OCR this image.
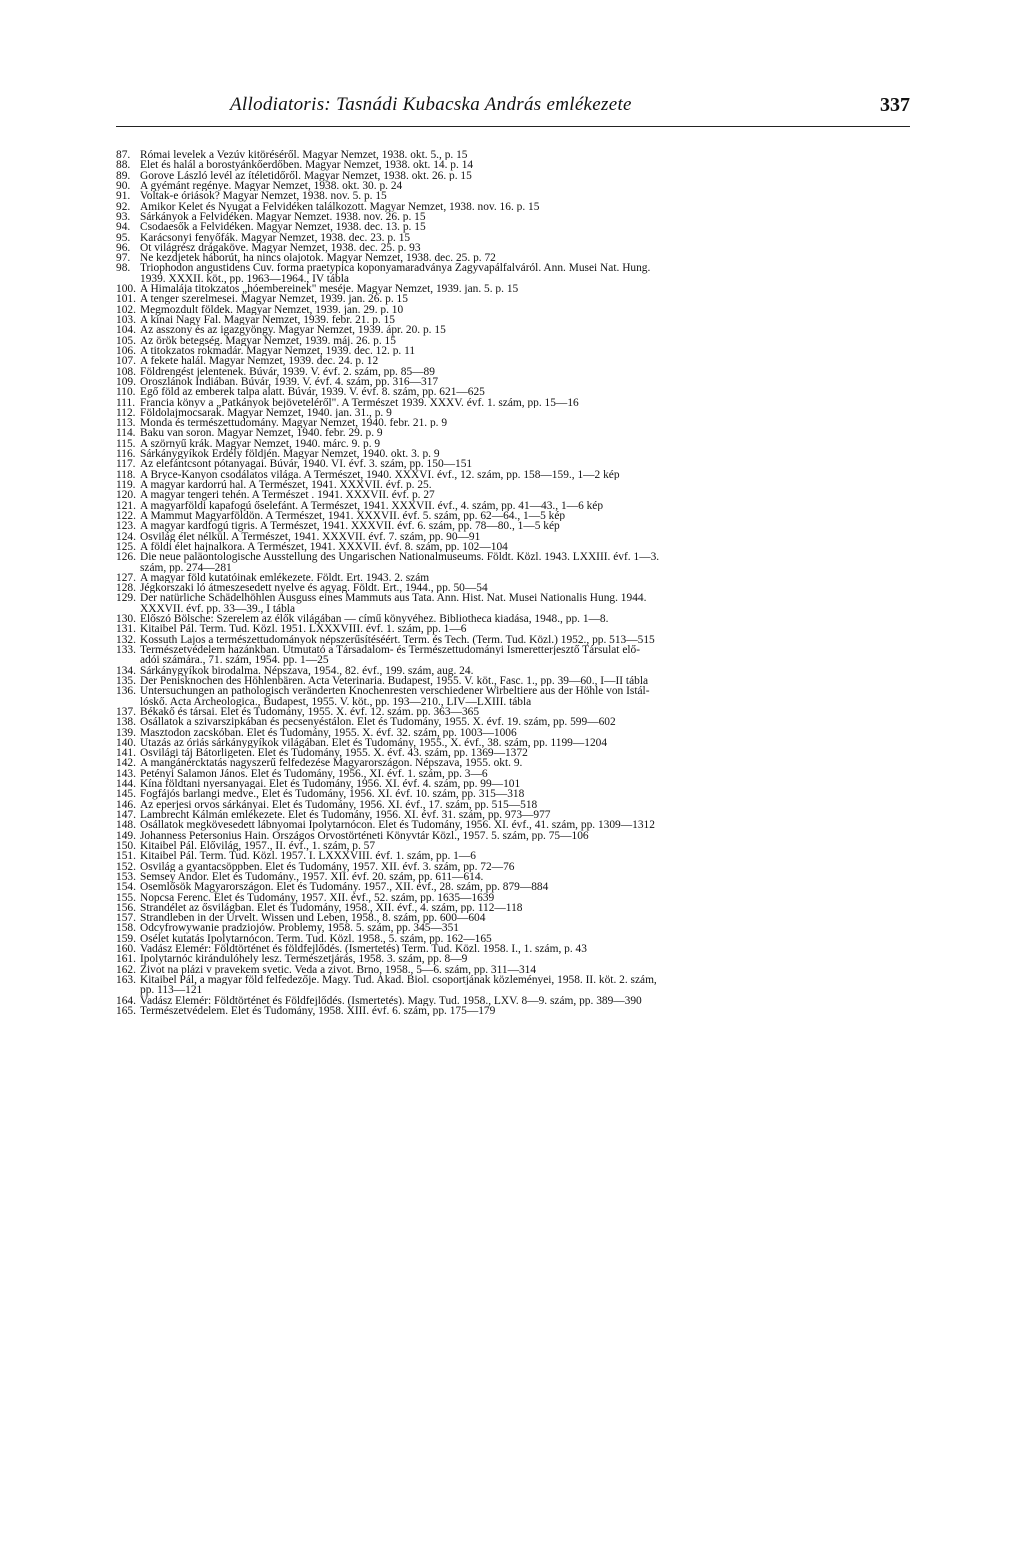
Allodiatoris: Tasnádi Kubacska András emlékezete	337
87. Római levelek a Vezúv kitöréséről. Magyar Nemzet, 1938. okt. 5., p. 15
88. Élet és halál a borostyánkőerdőben. Magyar Nemzet, 1938. okt. 14. p. 14
89. Gorove László levél az ítéletidőről. Magyar Nemzet, 1938. okt. 26. p. 15
90. A gyémánt regénye. Magyar Nemzet, 1938. okt. 30. p. 24
91. Voltak-e óriások? Magyar Nemzet, 1938. nov. 5. p. 15
92. Amikor Kelet és Nyugat a Felvidéken találkozott. Magyar Nemzet, 1938. nov. 16. p. 15
93. Sárkányok a Felvidéken. Magyar Nemzet. 1938. nov. 26. p. 15
94. Csodaesők a Felvidéken. Magyar Nemzet, 1938. dec. 13. p. 15
95. Karácsonyi fenyőfák. Magyar Nemzet, 1938. dec. 23. p. 15
96. Öt világrész drágaköve. Magyar Nemzet, 1938. dec. 25. p. 93
97. Ne kezdjetek háborút, ha nincs olajotok. Magyar Nemzet, 1938. dec. 25. p. 72
98. Triophodon angustidens Cuv. forma praetypica koponyamaradványa Zagyvapálfalváról. Ann. Musei Nat. Hung.
1939. XXXII. köt., pp. 1963—1964., IV tábla
100. A Himalája titokzatos „hóembereinek" meséje. Magyar Nemzet, 1939. jan. 5. p. 15
101. A tenger szerelmesei. Magyar Nemzet, 1939. jan. 26. p. 15
102. Megmozdult földek. Magyar Nemzet, 1939. jan. 29. p. 10
103. A kínai Nagy Fal. Magyar Nemzet, 1939. febr. 21. p. 15
104. Az asszony és az igazgyöngy. Magyar Nemzet, 1939. ápr. 20. p. 15
105. Az örök betegség. Magyar Nemzet, 1939. máj. 26. p. 15
106. A titokzatos rokmadár. Magyar Nemzet, 1939. dec. 12. p. 11
107. A fekete halál. Magyar Nemzet, 1939. dec. 24. p. 12
108. Földrengést jelentenek. Búvár, 1939. V. évf. 2. szám, pp. 85—89
109. Oroszlánok Indiában. Búvár, 1939. V. évf. 4. szám, pp. 316—317
110. Égő föld az emberek talpa alatt. Búvár, 1939. V. évf. 8. szám, pp. 621—625
111. Francia könyv a „Patkányok bejöveteléről". A Természet 1939. XXXV. évf. 1. szám, pp. 15—16
112. Földolajmocsarak. Magyar Nemzet, 1940. jan. 31., p. 9
113. Monda és természettudomány. Magyar Nemzet, 1940. febr. 21. p. 9
114. Baku van soron. Magyar Nemzet, 1940. febr. 29. p. 9
115. A szörnyű krák. Magyar Nemzet, 1940. márc. 9. p. 9
116. Sárkánygyíkok Erdély földjén. Magyar Nemzet, 1940. okt. 3. p. 9
117. Az elefántcsont pótanyagai. Búvár, 1940. VI. évf. 3. szám, pp. 150—151
118. A Bryce-Kanyon csodálatos világa. A Természet, 1940. XXXVI. évf., 12. szám, pp. 158—159., 1—2 kép
119. A magyar kardorrú hal. A Természet, 1941. XXXVII. évf. p. 25.
120. A magyar tengeri tehén. A Természet . 1941. XXXVII. évf. p. 27
121. A magyarföldi kapafogú őselefánt. A Természet, 1941. XXXVII. évf., 4. szám, pp. 41—43., 1—6 kép
122. A Mammut Magyarföldön. A Természet, 1941. XXXVII. évf. 5. szám, pp. 62—64., 1—5 kép
123. A magyar kardfogú tigris. A Természet, 1941. XXXVII. évf. 6. szám, pp. 78—80., 1—5 kép
124. Ősvilág élet nélkül. A Természet, 1941. XXXVII. évf. 7. szám, pp. 90—91
125. A földi élet hajnalkora. A Természet, 1941. XXXVII. évf. 8. szám, pp. 102—104
126. Die neue paläontologische Ausstellung des Ungarischen Nationalmuseums. Földt. Közl. 1943. LXXIII. évf. 1—3.
szám, pp. 274—281
127. A magyar föld kutatóinak emlékezete. Földt. Ért. 1943. 2. szám
128. Jégkorszaki ló átmeszesedett nyelve és agyag. Földt. Ért., 1944., pp. 50—54
129. Der natürliche Schädelhöhlen Ausguss eines Mammuts aus Tata. Ann. Hist. Nat. Musei Nationalis Hung. 1944.
XXXVII. évf. pp. 33—39., I tábla
130. Előszó Bölsche: Szerelem az élők világában — című könyvéhez. Bibliotheca kiadása, 1948., pp. 1—8.
131. Kitaibel Pál. Term. Tud. Közl. 1951. LXXXVIII. évf. 1. szám, pp. 1—6
132. Kossuth Lajos a természettudományok népszerűsítéséért. Term. és Tech. (Term. Tud. Közl.) 1952., pp. 513—515
133. Természetvédelem hazánkban. Útmutató a Társadalom- és Természettudományi Ismeretterjesztő Társulat elő-
adói számára., 71. szám, 1954. pp. 1—25
134. Sárkánygyíkok birodalma. Népszava, 1954., 82. évf., 199. szám, aug. 24.
135. Der Penisknochen des Höhlenbären. Acta Veterinaria. Budapest, 1955. V. köt., Fasc. 1., pp. 39—60., I—II tábla
136. Untersuchungen an pathologisch veränderten Knochenresten verschiedener Wirbeltiere aus der Höhle von Istál-
lóskő. Acta Archeologica., Budapest, 1955. V. köt., pp. 193—210., LIV—LXIII. tábla
137. Békakő és társai. Élet és Tudomány, 1955. X. évf. 12. szám. pp. 363—365
138. Ősállatok a szivarszipkában és pecsenyéstálon. Élet és Tudomány, 1955. X. évf. 19. szám, pp. 599—602
139. Masztodon zacskóban. Élet és Tudomány, 1955. X. évf. 32. szám, pp. 1003—1006
140. Utazás az óriás sárkánygyíkok világában. Élet és Tudomány, 1955., X. évf., 38. szám, pp. 1199—1204
141. Ősvilági táj Bátorligeten. Élet és Tudomány, 1955. X. évf. 43. szám, pp. 1369—1372
142. A mangánércktatás nagyszerű felfedezése Magyarországon. Népszava, 1955. okt. 9.
143. Petényi Salamon János. Élet és Tudomány, 1956., XI. évf. 1. szám, pp. 3—6
144. Kína földtani nyersanyagai. Élet és Tudomány, 1956. XI. évf. 4. szám, pp. 99—101
145. Fogfájós barlangi medve., Élet és Tudomány, 1956. XI. évf. 10. szám, pp. 315—318
146. Az eperjesi orvos sárkányai. Élet és Tudomány, 1956. XI. évf., 17. szám, pp. 515—518
147. Lambrecht Kálmán emlékezete. Élet és Tudomány, 1956. XI. évf. 31. szám, pp. 973—977
148. Ősállatok megkövesedett lábnyomai Ipolytarnócon. Élet és Tudomány, 1956. XI. évf., 41. szám, pp. 1309—1312
149. Johanness Petersonius Hain. Országos Orvostörténeti Könyvtár Közl., 1957. 5. szám, pp. 75—106
150. Kitaibel Pál. Élővilág, 1957., II. évf., 1. szám, p. 57
151. Kitaibel Pál. Term. Tud. Közl. 1957. I. LXXXVIII. évf. 1. szám, pp. 1—6
152. Ősvilág a gyantacsöppben. Élet és Tudomány, 1957. XII. évf. 3. szám, pp. 72—76
153. Semsey Andor. Élet és Tudomány., 1957. XII. évf. 20. szám, pp. 611—614.
154. Ősemlősök Magyarországon. Élet és Tudomány. 1957., XII. évf., 28. szám, pp. 879—884
155. Nopcsa Ferenc. Élet és Tudomány, 1957. XII. évf., 52. szám, pp. 1635—1639
156. Strandélet az ősvilágban. Élet és Tudomány, 1958., XII. évf., 4. szám, pp. 112—118
157. Strandleben in der Urvelt. Wissen und Leben, 1958., 8. szám, pp. 600—604
158. Odcyfrowywanie pradziojów. Problemy, 1958. 5. szám, pp. 345—351
159. Ősélet kutatás Ipolytarnócon. Term. Tud. Közl. 1958., 5. szám, pp. 162—165
160. Vadász Elemér: Földtörténet és földfejlődés. (Ismertetés) Term. Tud. Közl. 1958. I., 1. szám, p. 43
161. Ipolytarnóc kirándulóhely lesz. Természetjárás, 1958. 3. szám, pp. 8—9
162. Zivot na plázi v pravekem svetic. Veda a zivot. Brno, 1958., 5—6. szám, pp. 311—314
163. Kitaibel Pál, a magyar föld felfedezője. Magy. Tud. Akad. Biol. csoportjának közleményei, 1958. II. köt. 2. szám,
pp. 113—121
164. Vadász Elemér: Földtörténet és Földfejlődés. (Ismertetés). Magy. Tud. 1958., LXV. 8—9. szám, pp. 389—390
165. Természetvédelem. Élet és Tudomány, 1958. XIII. évf. 6. szám, pp. 175—179
